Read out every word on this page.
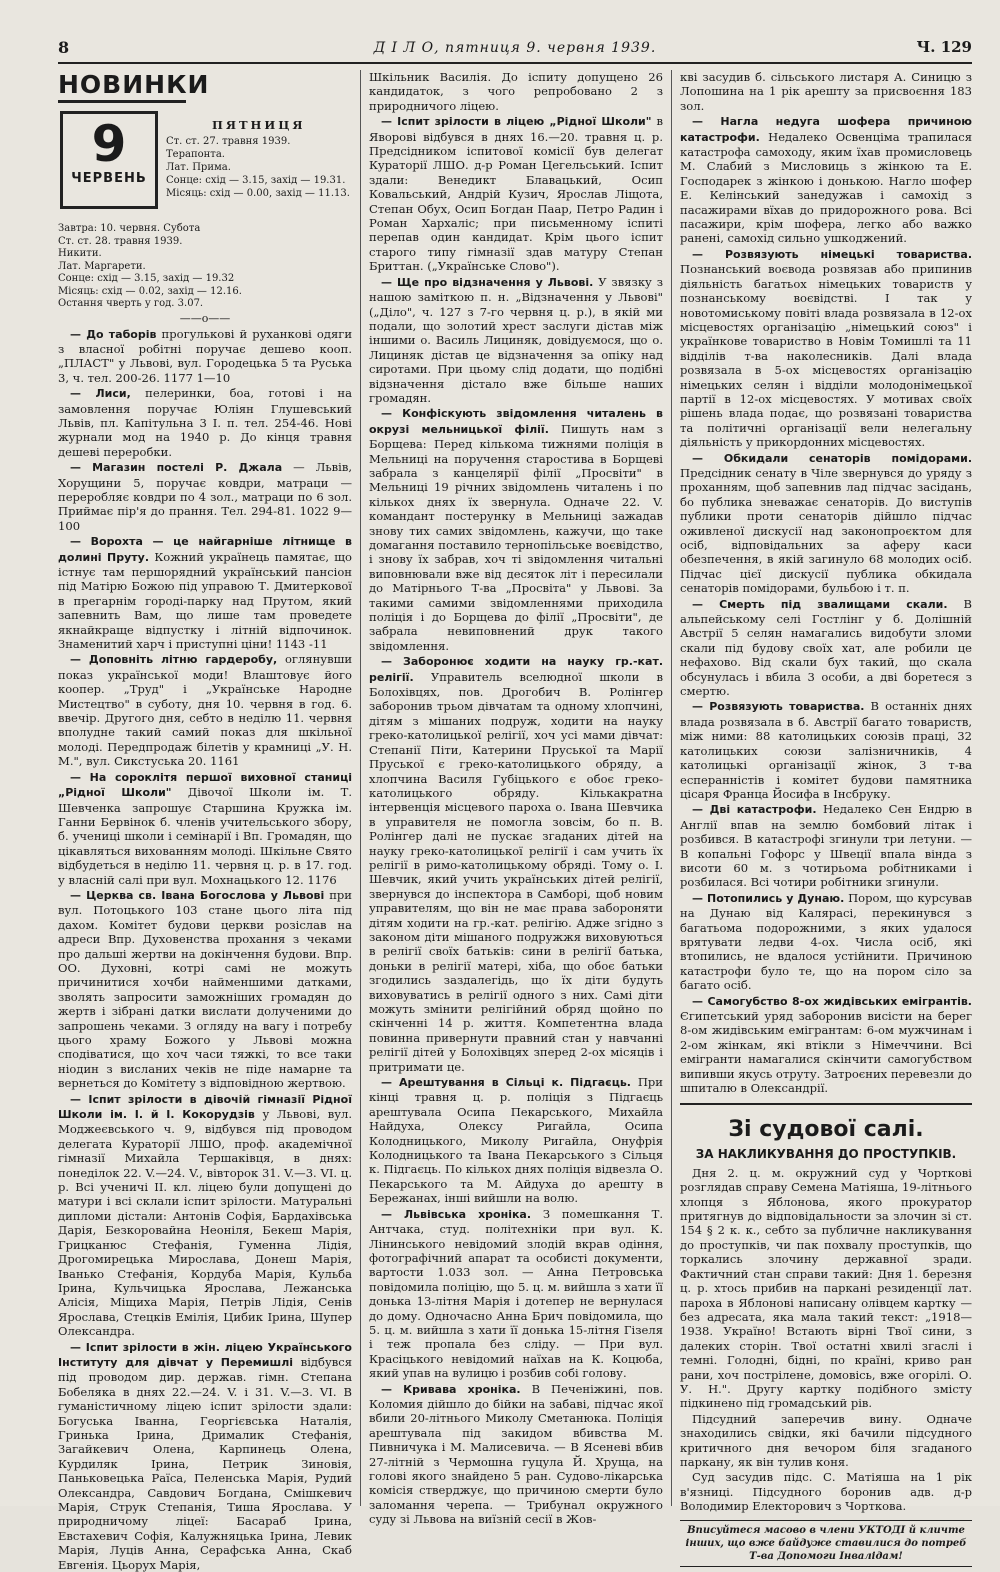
8	Д І Л О, пятниця 9. червня 1939.	Ч. 129
НОВИНКИ
9
ЧЕРВЕНЬ
ПЯТНИЦЯ
Ст. ст. 27. травня 1939.
Терапонта.
Лат. Прима.
Сонце: схід — 3.15, захід — 19.31.
Місяць: схід — 0.00, захід — 11.13.
Завтра: 10. червня. Субота
Ст. ст. 28. травня 1939.
Никити.
Лат. Маргарети.
Сонце: схід — 3.15, захід — 19.32
Місяць: схід — 0.02, захід — 12.16.
Остання чверть у год. 3.07.
——о——

— До таборів прогулькові й руханкові одяги з власної робітні поручає дешево кооп. „ПЛАСТ" у Львові, вул. Городецька 5 та Руська 3, ч. тел. 200-26. 1177 1—10

— Лиси, пелеринки, боа, готові і на замовлення поручає Юліян Глушевський Львів, пл. Капітульна 3 І. п. тел. 254-46. Нові журнали мод на 1940 р. До кінця травня дешеві переробки.

— Магазин постелі Р. Джала — Львів, Хорущини 5, поручає ковдри, матраци — переробляє ковдри по 4 зол., матраци по 6 зол. Приймає пір'я до прання. Тел. 294-81. 1022 9—100

— Ворохта — це найгарніше літнище в долині Пруту. Кожний українець памятає, що істнує там першорядний український пансіон під Матірю Божою під управою Т. Дмитеркової в прегарнім городі-парку над Прутом, який запевнить Вам, що лише там проведете якнайкраще відпустку і літній відпочинок. Знаменитий харч і приступні ціни! 1143 -11

— Доповніть літню гардеробу, оглянувши показ української моди! Влаштовує його коопер. „Труд" і „Українське Народне Мистецтво" в суботу, дня 10. червня в год. 6. ввечір. Другого дня, себто в неділю 11. червня вполудне такий самий показ для шкільної молоді. Передпродаж білетів у крамниці „У. Н. М.", вул. Сикстуська 20. 1161

— На сороклітя першої виховної станиці „Рідної Школи" Дівочої Школи ім. Т. Шевченка запрошує Старшина Кружка ім. Ганни Бервінок б. членів учительського збору, б. учениці школи і семінарії і Вп. Громадян, що цікавляться вихованням молоді. Шкільне Свято відбудеться в неділю 11. червня ц. р. в 17. год. у власній салі при вул. Мохнацького 12. 1176

— Церква св. Івана Богослова у Львові при вул. Потоцького 103 стане цього літа під дахом. Комітет будови церкви розіслав на адреси Впр. Духовенства прохання з чеками про дальші жертви на докінчення будови. Впр. ОО. Духовні, котрі самі не можуть причинитися хочби найменшими датками, зволять запросити заможніших громадян до жертв і зібрані датки вислати долученими до запрошень чеками. З огляду на вагу і потребу цього храму Божого у Львові можна сподіватися, що хоч часи тяжкі, то все таки ніодин з висланих чеків не піде намарне та вернеться до Комітету з відповідною жертвою.

— Іспит зрілости в дівочій гімназії Рідної Школи ім. І. й І. Кокорудзів у Львові, вул. Моджеєвського ч. 9, відбувся під проводом делегата Кураторії ЛШО, проф. академічної гімназії Михайла Тершаківця, в днях: понеділок 22. V.—24. V., вівторок 31. V.—3. VI. ц. р. Всі ученичі II. кл. ліцею були допущені до матури і всі склали іспит зрілости. Матуральні дипломи дістали: Антонів Софія, Бардахівська Дарія, Безкоровайна Неоніля, Бекеш Марія, Грицканюс Стефанія, Гуменна Лідія, Дрогомирецька Мирослава, Донеш Марія, Іванько Стефанія, Кордуба Марія, Кульба Ірина, Кульчицька Ярослава, Лежанська Алісія, Міщиха Марія, Петрів Лідія, Сенів Ярослава, Стецків Емілія, Цибик Ірина, Шупер Олександра.

— Іспит зрілости в жін. ліцею Українського Інституту для дівчат у Перемишлі відбувся під проводом дир. держав. гімн. Степана Бобеляка в днях 22.—24. V. і 31. V.—3. VI. В гуманістичному ліцею іспит зрілости здали: Богуська Іванна, Георгієвська Наталія, Гринька Ірина, Дрималик Стефанія, Загайкевич Олена, Карпинець Олена, Курдиляк Ірина, Петрик Зиновія, Паньковецька Раїса, Пеленська Марія, Рудий Олександра, Савдович Богдана, Смішкевич Марія, Струк Степанія, Тиша Ярослава. У природничому ліцеї: Басараб Ірина, Евстахевич Софія, Калужняцька Ірина, Левик Марія, Луців Анна, Серафська Анна, Скаб Евгенія. Цьорух Марія,

Шкільник Василія. До іспиту допущено 26 кандидаток, з чого репробовано 2 з природничого ліцею.

— Іспит зрілости в ліцею „Рідної Школи" в Яворові відбувся в днях 16.—20. травня ц. р. Предсідником іспитової комісії був делегат Кураторії ЛШО. д-р Роман Цегельський. Іспит здали: Венедикт Блавацький, Осип Ковальський, Андрій Кузич, Ярослав Ліщота, Степан Обух, Осип Богдан Паар, Петро Радин і Роман Хархаліс; при письменному іспиті перепав один кандидат. Крім цього іспит старого типу гімназії здав матуру Степан Бриттан. („Українське Слово").

— Ще про відзначення у Львові. У звязку з нашою заміткою п. н. „Відзначення у Львові" („Діло", ч. 127 з 7-го червня ц. р.), в якій ми подали, що золотий хрест заслуги дістав між іншими о. Василь Лициняк, довідуємося, що о. Лициняк дістав це відзначення за опіку над сиротами. При цьому слід додати, що подібні відзначення дістало вже більше наших громадян.

— Конфіскують звідомлення читалень в окрузі мельницької філії. Пишуть нам з Борщева: Перед кількома тижнями поліція в Мельниці на поручення старостива в Борщеві забрала з канцелярії філії „Просвіти" в Мельниці 19 річних звідомлень читалень і по кількох днях їх звернула. Одначе 22. V. командант постерунку в Мельниці зажадав знову тих самих звідомлень, кажучи, що таке домагання поставило тернопільське воєвідство, і знову їх забрав, хоч ті звідомлення читальні виповнювали вже від десяток літ і пересилали до Матірнього Т-ва „Просвіта" у Львові. За такими самими звідомленнями приходила поліція і до Борщева до філії „Просвіти", де забрала невиповнений друк такого звідомлення.

— Заборонює ходити на науку гр.-кат. релігії. Управитель вселюдної школи в Болохівцях, пов. Дрогобич В. Ролінгер заборонив трьом дівчатам та одному хлопчині, дітям з мішаних подруж, ходити на науку греко-католицької релігії, хоч усі мами дівчат: Степанії Піти, Катерини Пруської та Марії Пруської є греко-католицького обряду, а хлопчина Василя Губіцького є обоє греко-католицького обряду. Кількакратна інтервенція місцевого пароха о. Івана Шевчика в управителя не помогла зовсім, бо п. В. Ролінгер далі не пускає згаданих дітей на науку греко-католицької релігії і сам учить їх релігії в римо-католицькому обряді. Тому о. І. Шевчик, який учить українських дітей релігії, звернувся до інспектора в Самборі, щоб новим управителям, що він не має права забороняти дітям ходити на гр.-кат. релігію. Адже згідно з законом діти мішаного подружжя виховуються в релігії своїх батьків: сини в релігії батька, доньки в релігії матері, хіба, що обоє батьки згодились заздалегідь, що їх діти будуть виховуватись в релігії одного з них. Самі діти можуть змінити релігійний обряд щойно по скінченні 14 р. життя. Компетентна влада повинна привернути правний стан у навчанні релігії дітей у Болохівцях зперед 2-ох місяців і притримати це.

— Арештування в Сільці к. Підгаєць. При кінці травня ц. р. поліція з Підгаєць арештувала Осипа Пекарського, Михайла Найдуха, Олексу Ригайла, Осипа Колодницького, Миколу Ригайла, Онуфрія Колодницького та Івана Пекарського з Сільця к. Підгаєць. По кількох днях поліція відвезла О. Пекарського та М. Айдуха до арешту в Бережанах, інші вийшли на волю.

— Львівська хроніка. З помешкання Т. Антчака, студ. політехніки при вул. К. Лінинського невідомий злодій вкрав одіння, фотографічний апарат та особисті документи, вартости 1.033 зол. — Анна Петровська повідомила поліцію, що 5. ц. м. вийшла з хати її донька 13-літня Марія і дотепер не вернулася до дому. Одночасно Анна Брич повідомила, що 5. ц. м. вийшла з хати її донька 15-літня Гізеля і теж пропала без сліду. — При вул. Красіцького невідомий наїхав на К. Коцюба, який упав на вулицю і розбив собі голову.

— Кривава хроніка. В Печеніжині, пов. Коломия дійшло до бійки на забаві, підчас якої вбили 20-літнього Миколу Сметанюка. Поліція арештувала під закидом вбивства М. Пивничука і М. Малисевича. — В Ясеневі вбив 27-літній з Чермошна гуцула Й. Хруща, на голові якого знайдено 5 ран. Судово-лікарська комісія стверджує, що причиною смерти було заломання черепа. — Трибунал окружного суду зі Львова на виїзній сесії в Жов-

кві засудив б. сільського листаря А. Синицю з Лопошина на 1 рік арешту за присвоєння 183 зол.

— Нагла недуга шофера причиною катастрофи. Недалеко Освенціма трапилася катастрофа самоходу, яким їхав промисловець М. Слабий з Мисловиць з жінкою та Е. Господарек з жінкою і донькою. Нагло шофер Е. Келінський занедужав і самохід з пасажирами вїхав до придорожного рова. Всі пасажири, крім шофера, легко або важко ранені, самохід сильно ушкоджений.

— Розвязують німецькі товариства. Познанський воєвода розвязав або припинив діяльність багатьох німецьких товариств у познанському воєвідстві. І так у новотомиському повіті влада розвязала в 12-ох місцевостях організацію „німецький союз" і українкове товариство в Новім Томишлі та 11 відділів т-ва наколесників. Далі влада розвязала в 5-ох місцевостях організацію німецьких селян і відділи молодонімецької партії в 12-ох місцевостях. У мотивах своїх рішень влада подає, що розвязані товариства та політичні організації вели нелегальну діяльність у прикордонних місцевостях.

— Обкидали сенаторів помідорами. Предсідник сенату в Чіле звернувся до уряду з проханням, щоб запевнив лад підчас засідань, бо публика зневажає сенаторів. До виступів публики проти сенаторів дійшло підчас оживленої дискусії над законопроєктом для осіб, відповідальних за аферу каси обезпечення, в якій загинуло 68 молодих осіб. Підчас цієї дискусії публика обкидала сенаторів помідорами, бульбою і т. п.

— Смерть під звалищами скали. В альпейському селі Гостлінг у б. Долішній Австрії 5 селян намагались видобути зломи скали під будову своїх хат, але робили це нефахово. Від скали бух такий, що скала обсунулась і вбила 3 особи, а дві боретеся з смертю.

— Розвязують товариства. В останніх днях влада розвязала в б. Австрії багато товариств, між ними: 88 католицьких союзів праці, 32 католицьких союзи залізничників, 4 католицькі організації жінок, 3 т-ва есперанністів і комітет будови памятника цісаря Франца Йосифа в Інсбруку.

— Дві катастрофи. Недалеко Сен Ендрю в Англії впав на землю бомбовий літак і розбився. В катастрофі згинули три летуни. — В копальні Гофорс у Швеції впала вінда з висоти 60 м. з чотирьома робітниками і розбилася. Всі чотири робітники згинули.

— Потопились у Дунаю. Пором, що курсував на Дунаю від Калярасі, перекинувся з багатьома подорожними, з яких удалося врятувати ледви 4-ох. Числа осіб, які втопились, не вдалося устійнити. Причиною катастрофи було те, що на пором сіло за багато осіб.

— Самогубство 8-ох жидівських емігрантів. Єгипетський уряд заборонив висісти на берег 8-ом жидівським емігрантам: 6-ом мужчинам і 2-ом жінкам, які втікли з Німеччини. Всі емігранти намагалися скінчити самогубством випивши якусь отруту. Затроєних перевезли до шпиталю в Олександрії.

Зі судової салі.
ЗА НАКЛИКУВАННЯ ДО ПРОСТУПКІВ.

Дня 2. ц. м. окружний суд у Чорткові розглядав справу Семена Матіяша, 19-літнього хлопця з Яблонова, якого прокуратор притягнув до відповідальности за злочин зі ст. 154 § 2 к. к., себто за публичне накликування до проступків, чи пак похвалу проступків, що торкались злочину державної зради. Фактичний стан справи такий: Дня 1. березня ц. р. хтось прибив на паркані резиденції лат. пароха в Яблонові написану олівцем картку — без адресата, яка мала такий текст: „1918—1938. Україно! Встають вірні Твої сини, з далеких сторін. Твої остатні хвилі згаслі і темні. Голодні, бідні, по країні, криво ран рани, хоч пострілене, домовісь, вже огорілі. О. У. Н.". Другу картку подібного змісту підкинено під громадський рів.

Підсудний заперечив вину. Одначе знаходились свідки, які бачили підсудного критичного дня вечором біля згаданого паркану, як він тулив коня.

Суд засудив підс. С. Матіяша на 1 рік в'язниці. Підсудного боронив адв. д-р Володимир Електорович з Чорткова.

Вписуйтеся масово в члени УКТОДІ й кличте інших, що вже байдуже ставилися до потреб Т-ва Допомоги Інвалідам!
